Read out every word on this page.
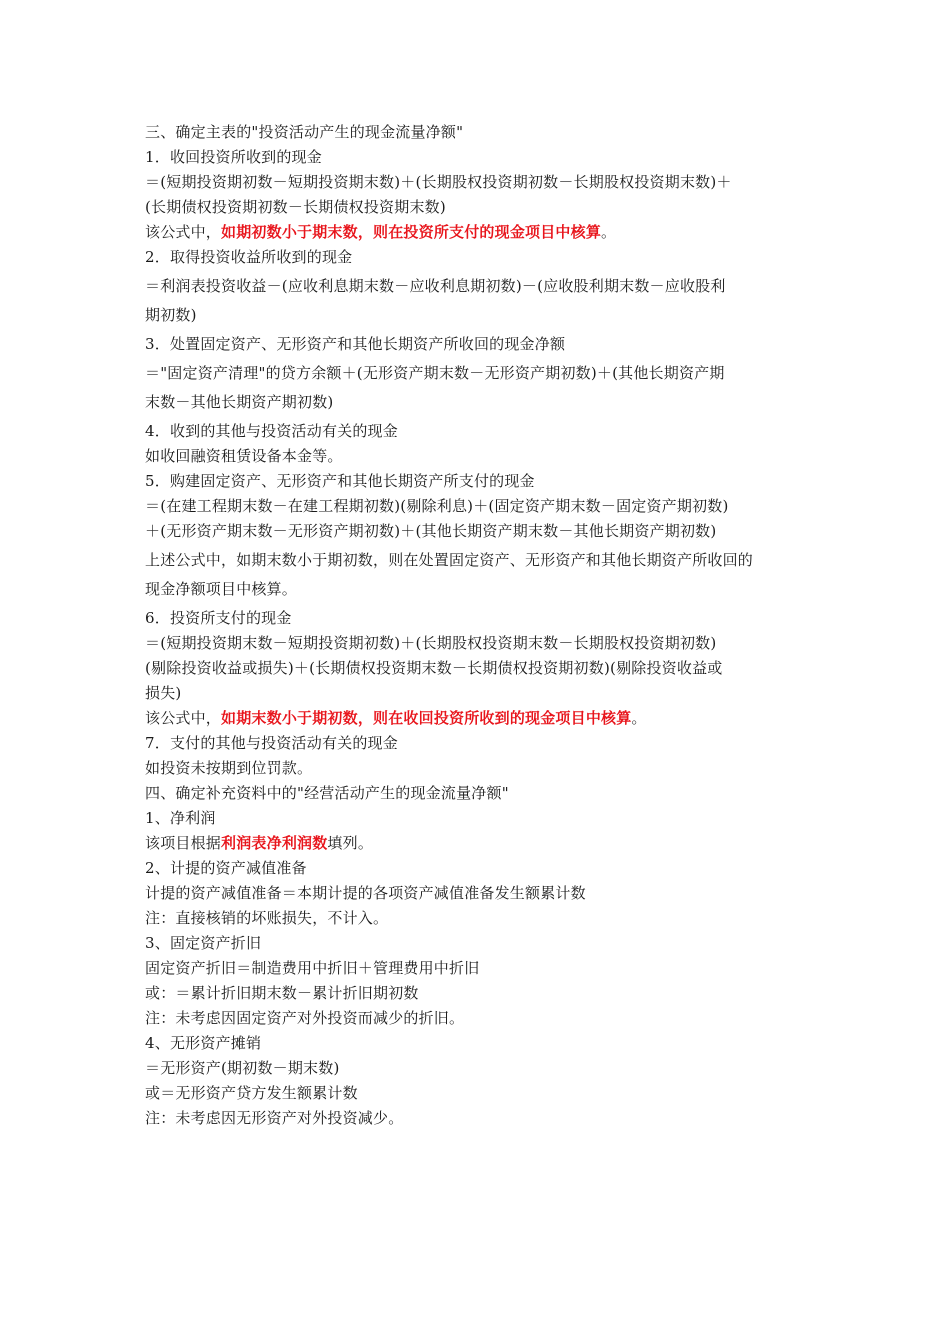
三、确定主表的"投资活动产生的现金流量净额"
1．收回投资所收到的现金
＝(短期投资期初数－短期投资期末数)＋(长期股权投资期初数－长期股权投资期末数)＋
(长期债权投资期初数－长期债权投资期末数)
该公式中，如期初数小于期末数，则在投资所支付的现金项目中核算。
2．取得投资收益所收到的现金
＝利润表投资收益－(应收利息期末数－应收利息期初数)－(应收股利期末数－应收股利
期初数)
3．处置固定资产、无形资产和其他长期资产所收回的现金净额
＝"固定资产清理"的贷方余额＋(无形资产期末数－无形资产期初数)＋(其他长期资产期
末数－其他长期资产期初数)
4．收到的其他与投资活动有关的现金
如收回融资租赁设备本金等。
5．购建固定资产、无形资产和其他长期资产所支付的现金
＝(在建工程期末数－在建工程期初数)(剔除利息)＋(固定资产期末数－固定资产期初数)
＋(无形资产期末数－无形资产期初数)＋(其他长期资产期末数－其他长期资产期初数)
上述公式中，如期末数小于期初数，则在处置固定资产、无形资产和其他长期资产所收回的
现金净额项目中核算。
6．投资所支付的现金
＝(短期投资期末数－短期投资期初数)＋(长期股权投资期末数－长期股权投资期初数)
(剔除投资收益或损失)＋(长期债权投资期末数－长期债权投资期初数)(剔除投资收益或
损失)
该公式中，如期末数小于期初数，则在收回投资所收到的现金项目中核算。
7．支付的其他与投资活动有关的现金
如投资未按期到位罚款。
四、确定补充资料中的"经营活动产生的现金流量净额"
1、净利润
该项目根据利润表净利润数填列。
2、计提的资产减值准备
计提的资产减值准备＝本期计提的各项资产减值准备发生额累计数
注：直接核销的坏账损失，不计入。
3、固定资产折旧
固定资产折旧＝制造费用中折旧＋管理费用中折旧
或：＝累计折旧期末数－累计折旧期初数
注：未考虑因固定资产对外投资而减少的折旧。
4、无形资产摊销
＝无形资产(期初数－期末数)
或＝无形资产贷方发生额累计数
注：未考虑因无形资产对外投资减少。
